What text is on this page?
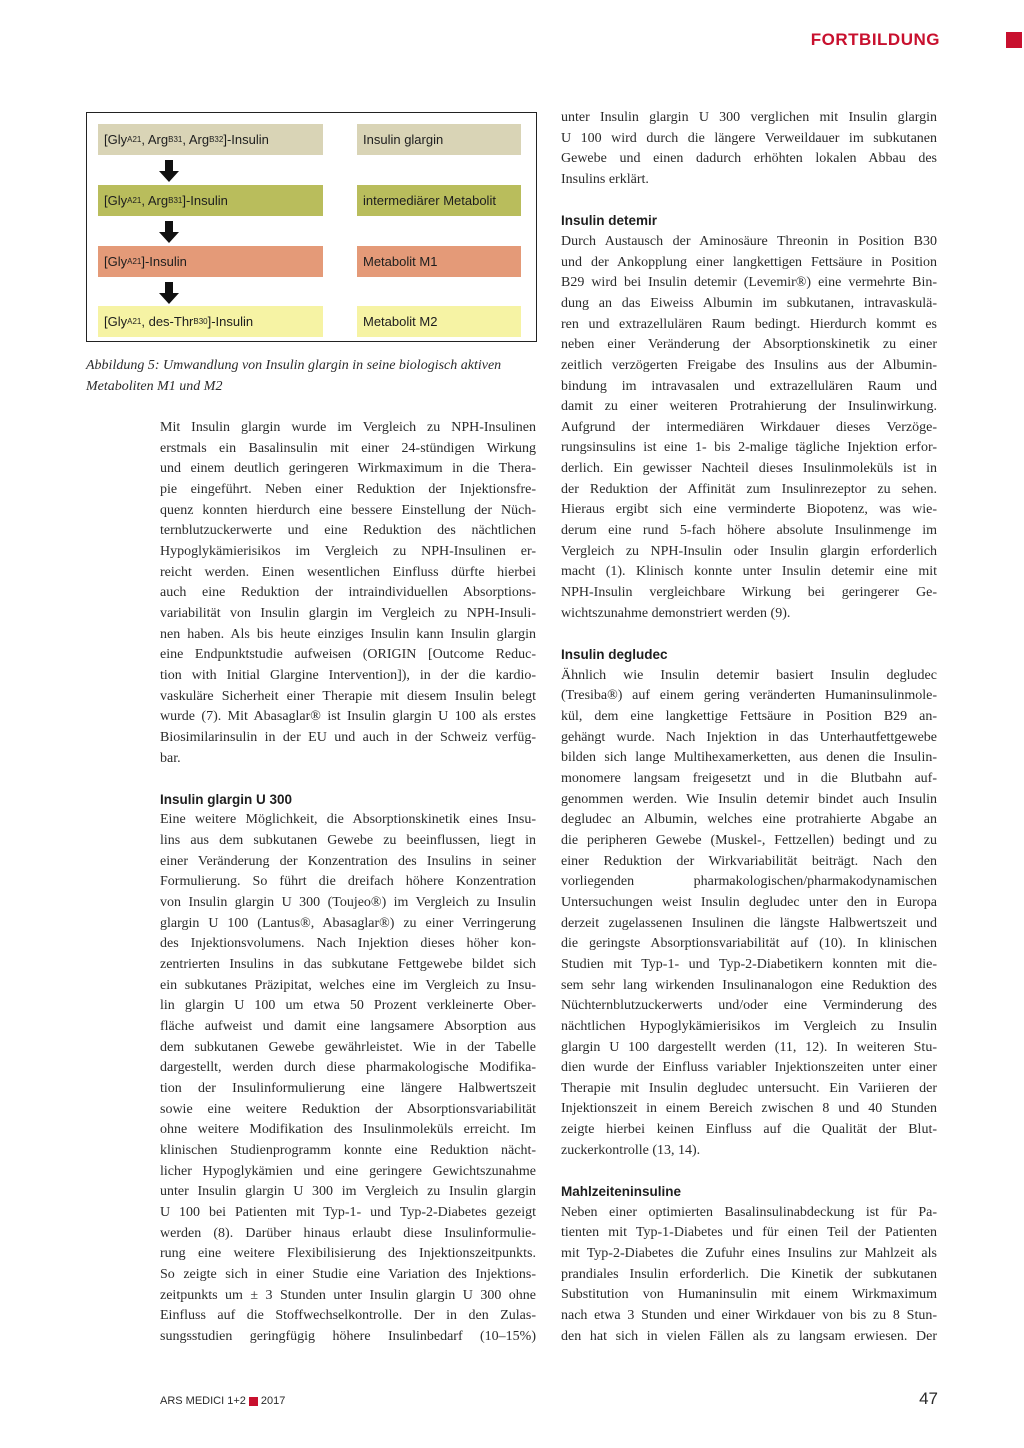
FORTBILDUNG
[Gly A21 , Arg B31 , Arg B32 ]-Insulin	Insulin glargin
[Gly A21 , Arg B31 ]-Insulin	intermediärer Metabolit
[Gly A21 ]-Insulin	Metabolit M1
[Gly A21 , des-Thr B30 ]-Insulin	Metabolit M2

Abbildung 5: Umwandlung von Insulin glargin in seine biologisch aktiven Metaboliten M1 und M2

Mit Insulin glargin wurde im Vergleich zu NPH-Insulinen

erstmals ein Basalinsulin mit einer 24-stündigen Wirkung

und einem deutlich geringeren Wirkmaximum in die Thera-

pie eingeführt. Neben einer Reduktion der Injektionsfre-

quenz konnten hierdurch eine bessere Einstellung der Nüch-

ternblutzuckerwerte und eine Reduktion des nächtlichen

Hypoglykämierisikos im Vergleich zu NPH-Insulinen er-

reicht werden. Einen wesentlichen Einfluss dürfte hierbei

auch eine Reduktion der intraindividuellen Absorptions-

variabilität von Insulin glargin im Vergleich zu NPH-Insuli-

nen haben. Als bis heute einziges Insulin kann Insulin glargin

eine Endpunktstudie aufweisen (ORIGIN [Outcome Reduc-

tion with Initial Glargine Intervention]), in der die kardio-

vaskuläre Sicherheit einer Therapie mit diesem Insulin belegt

wurde (7). Mit Abasaglar® ist Insulin glargin U 100 als erstes

Biosimilarinsulin in der EU und auch in der Schweiz verfüg-

bar.

Insulin glargin U 300

Eine weitere Möglichkeit, die Absorptionskinetik eines Insu-

lins aus dem subkutanen Gewebe zu beeinflussen, liegt in

einer Veränderung der Konzentration des Insulins in seiner

Formulierung. So führt die dreifach höhere Konzentration

von Insulin glargin U 300 (Toujeo®) im Vergleich zu Insulin

glargin U 100 (Lantus®, Abasaglar®) zu einer Verringerung

des Injektionsvolumens. Nach Injektion dieses höher kon-

zentrierten Insulins in das subkutane Fettgewebe bildet sich

ein subkutanes Präzipitat, welches eine im Vergleich zu Insu-

lin glargin U 100 um etwa 50 Prozent verkleinerte Ober-

fläche aufweist und damit eine langsamere Absorption aus

dem subkutanen Gewebe gewährleistet. Wie in der Tabelle

dargestellt, werden durch diese pharmakologische Modifika-

tion der Insulinformulierung eine längere Halbwertszeit

sowie eine weitere Reduktion der Absorptionsvariabilität

ohne weitere Modifikation des Insulinmoleküls erreicht. Im

klinischen Studienprogramm konnte eine Reduktion nächt-

licher Hypoglykämien und eine geringere Gewichtszunahme

unter Insulin glargin U 300 im Vergleich zu Insulin glargin

U 100 bei Patienten mit Typ-1- und Typ-2-Diabetes gezeigt

werden (8). Darüber hinaus erlaubt diese Insulinformulie-

rung eine weitere Flexibilisierung des Injektionszeitpunkts.

So zeigte sich in einer Studie eine Variation des Injektions-

zeitpunkts um ± 3 Stunden unter Insulin glargin U 300 ohne

Einfluss auf die Stoffwechselkontrolle. Der in den Zulas-

sungsstudien geringfügig höhere Insulinbedarf (10–15%)

unter Insulin glargin U 300 verglichen mit Insulin glargin

U 100 wird durch die längere Verweildauer im subkutanen

Gewebe und einen dadurch erhöhten lokalen Abbau des

Insulins erklärt.

Insulin detemir

Durch Austausch der Aminosäure Threonin in Position B30

und der Ankopplung einer langkettigen Fettsäure in Position

B29 wird bei Insulin detemir (Levemir®) eine vermehrte Bin-

dung an das Eiweiss Albumin im subkutanen, intravaskulä-

ren und extrazellulären Raum bedingt. Hierdurch kommt es

neben einer Veränderung der Absorptionskinetik zu einer

zeitlich verzögerten Freigabe des Insulins aus der Albumin-

bindung im intravasalen und extrazellulären Raum und

damit zu einer weiteren Protrahierung der Insulinwirkung.

Aufgrund der intermediären Wirkdauer dieses Verzöge-

rungsinsulins ist eine 1- bis 2-malige tägliche Injektion erfor-

derlich. Ein gewisser Nachteil dieses Insulinmoleküls ist in

der Reduktion der Affinität zum Insulinrezeptor zu sehen.

Hieraus ergibt sich eine verminderte Biopotenz, was wie-

derum eine rund 5-fach höhere absolute Insulinmenge im

Vergleich zu NPH-Insulin oder Insulin glargin erforderlich

macht (1). Klinisch konnte unter Insulin detemir eine mit

NPH-Insulin vergleichbare Wirkung bei geringerer Ge-

wichtszunahme demonstriert werden (9).

Insulin degludec

Ähnlich wie Insulin detemir basiert Insulin degludec

(Tresiba®) auf einem gering veränderten Humaninsulinmole-

kül, dem eine langkettige Fettsäure in Position B29 an-

gehängt wurde. Nach Injektion in das Unterhautfettgewebe

bilden sich lange Multihexamerketten, aus denen die Insulin-

monomere langsam freigesetzt und in die Blutbahn auf-

genommen werden. Wie Insulin detemir bindet auch Insulin

degludec an Albumin, welches eine protrahierte Abgabe an

die peripheren Gewebe (Muskel-, Fettzellen) bedingt und zu

einer Reduktion der Wirkvariabilität beiträgt. Nach den

vorliegenden pharmakologischen/pharmakodynamischen

Untersuchungen weist Insulin degludec unter den in Europa

derzeit zugelassenen Insulinen die längste Halbwertszeit und

die geringste Absorptionsvariabilität auf (10). In klinischen

Studien mit Typ-1- und Typ-2-Diabetikern konnten mit die-

sem sehr lang wirkenden Insulinanalogon eine Reduktion des

Nüchternblutzuckerwerts und/oder eine Verminderung des

nächtlichen Hypoglykämierisikos im Vergleich zu Insulin

glargin U 100 dargestellt werden (11, 12). In weiteren Stu-

dien wurde der Einfluss variabler Injektionszeiten unter einer

Therapie mit Insulin degludec untersucht. Ein Variieren der

Injektionszeit in einem Bereich zwischen 8 und 40 Stunden

zeigte hierbei keinen Einfluss auf die Qualität der Blut-

zuckerkontrolle (13, 14).

Mahlzeiteninsuline

Neben einer optimierten Basalinsulinabdeckung ist für Pa-

tienten mit Typ-1-Diabetes und für einen Teil der Patienten

mit Typ-2-Diabetes die Zufuhr eines Insulins zur Mahlzeit als

prandiales Insulin erforderlich. Die Kinetik der subkutanen

Substitution von Humaninsulin mit einem Wirkmaximum

nach etwa 3 Stunden und einer Wirkdauer von bis zu 8 Stun-

den hat sich in vielen Fällen als zu langsam erwiesen. Der

ARS MEDICI 1+2 2017	47
